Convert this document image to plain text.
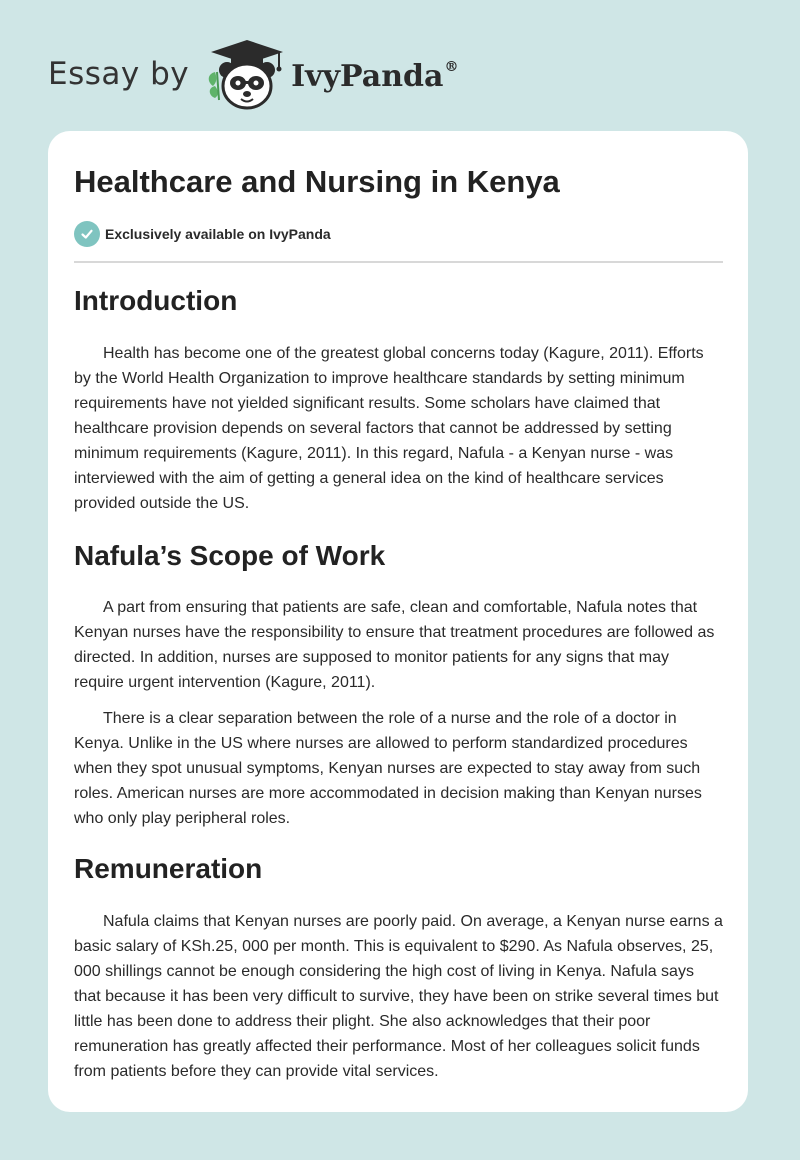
Essay by	IvyPanda®
Healthcare and Nursing in Kenya
Exclusively available on IvyPanda
Introduction

Health has become one of the greatest global concerns today (Kagure, 2011). Efforts by the World Health Organization to improve healthcare standards by setting minimum requirements have not yielded significant results. Some scholars have claimed that healthcare provision depends on several factors that cannot be addressed by setting minimum requirements (Kagure, 2011). In this regard, Nafula - a Kenyan nurse - was interviewed with the aim of getting a general idea on the kind of healthcare services provided outside the US.

Nafula’s Scope of Work

A part from ensuring that patients are safe, clean and comfortable, Nafula notes that Kenyan nurses have the responsibility to ensure that treatment procedures are followed as directed. In addition, nurses are supposed to monitor patients for any signs that may require urgent intervention (Kagure, 2011).

There is a clear separation between the role of a nurse and the role of a doctor in Kenya. Unlike in the US where nurses are allowed to perform standardized procedures when they spot unusual symptoms, Kenyan nurses are expected to stay away from such roles. American nurses are more accommodated in decision making than Kenyan nurses who only play peripheral roles.

Remuneration

Nafula claims that Kenyan nurses are poorly paid. On average, a Kenyan nurse earns a basic salary of KSh.25, 000 per month. This is equivalent to $290. As Nafula observes, 25, 000 shillings cannot be enough considering the high cost of living in Kenya. Nafula says that because it has been very difficult to survive, they have been on strike several times but little has been done to address their plight. She also acknowledges that their poor remuneration has greatly affected their performance. Most of her colleagues solicit funds from patients before they can provide vital services.
